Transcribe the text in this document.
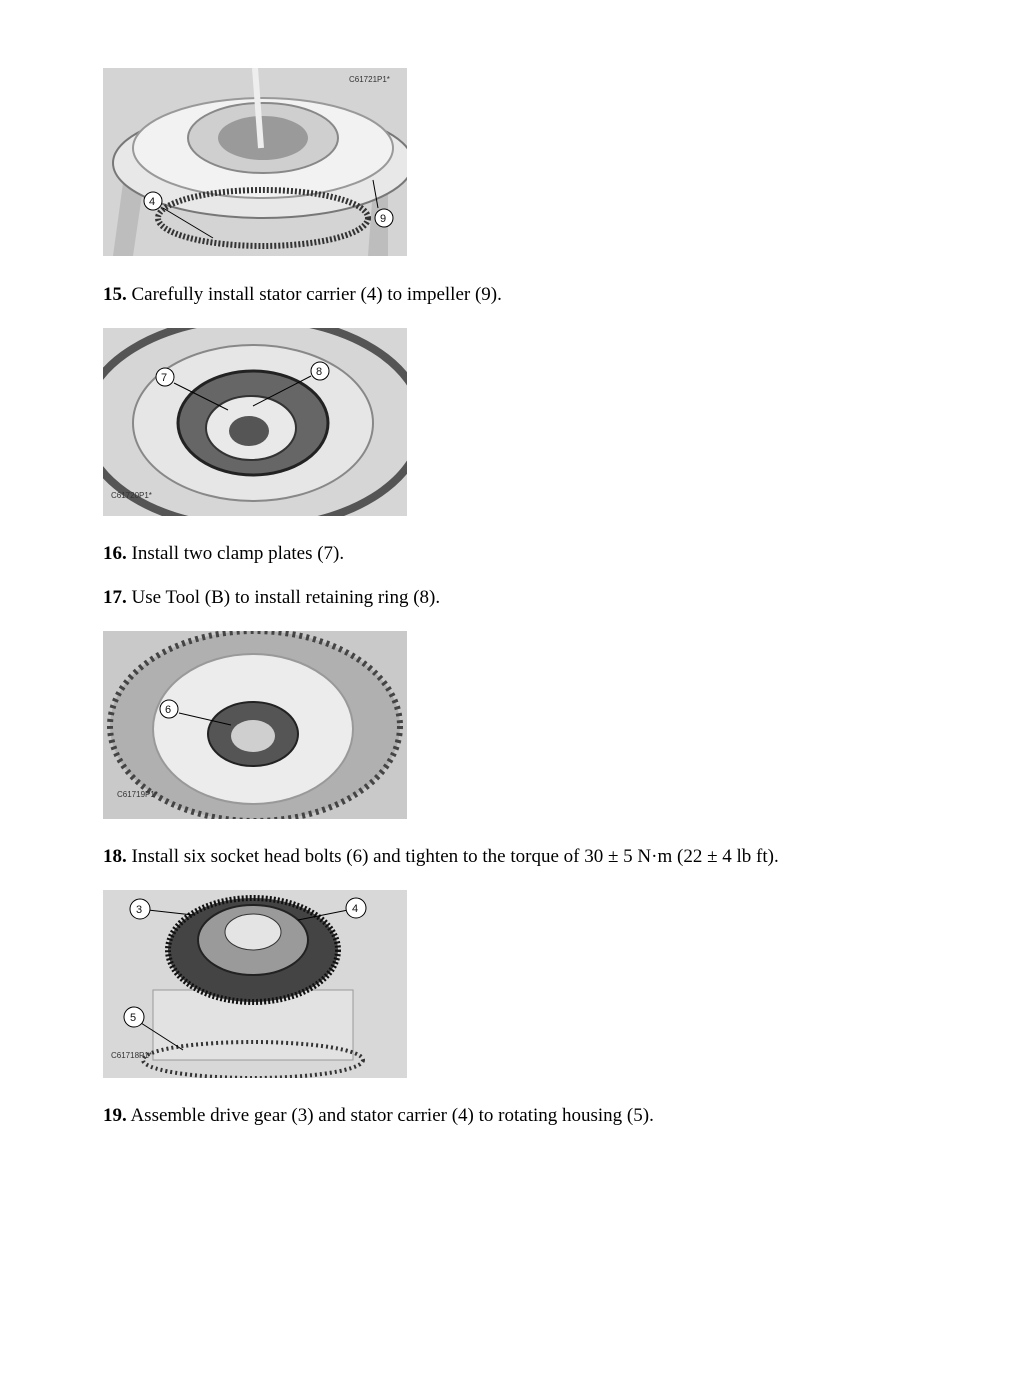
C61721P1*
4
9
15. Carefully install stator carrier (4) to impeller (9).
C61720P1*
7	8
16. Install two clamp plates (7).
17. Use Tool (B) to install retaining ring (8).
C61719P1*
6
18. Install six socket head bolts (6) and tighten to the torque of 30 ± 5 N·m (22 ± 4 lb ft).
C61718P1*
3	4
5
19. Assemble drive gear (3) and stator carrier (4) to rotating housing (5).
